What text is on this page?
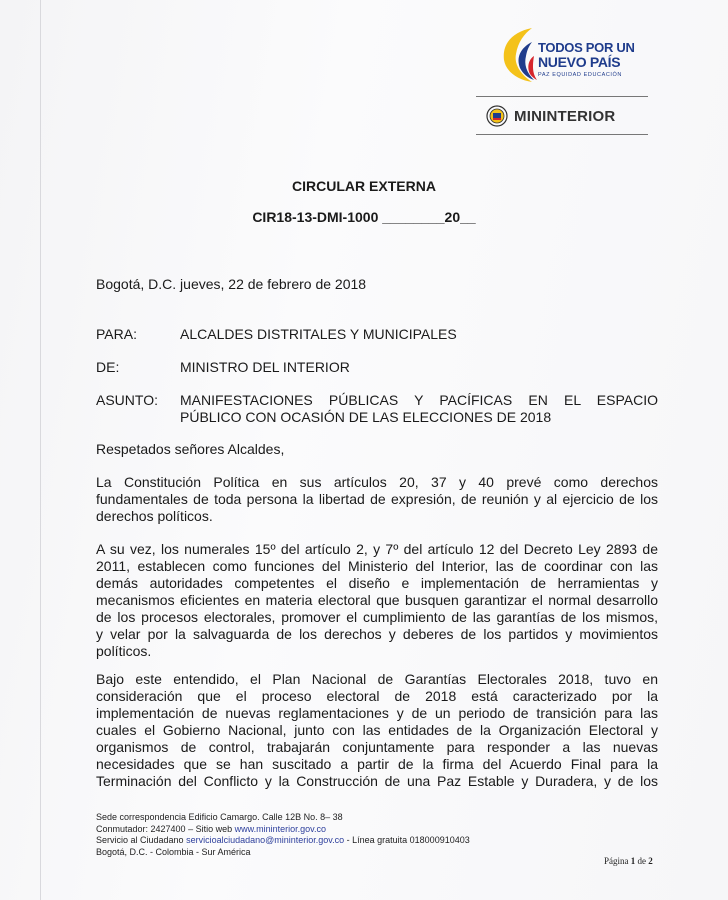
TODOS POR UN
NUEVO PAÍS
PAZ EQUIDAD EDUCACIÓN
MININTERIOR
CIRCULAR EXTERNA
CIR18-13-DMI-1000 ________20__
Bogotá, D.C. jueves, 22 de febrero de 2018
PARA:	ALCALDES DISTRITALES Y MUNICIPALES
DE:	MINISTRO DEL INTERIOR
ASUNTO: MANIFESTACIONES PÚBLICAS Y PACÍFICAS EN EL ESPACIO
PÚBLICO CON OCASIÓN DE LAS ELECCIONES DE 2018
Respetados señores Alcaldes,
La Constitución Política en sus artículos 20, 37 y 40 prevé como derechos
fundamentales de toda persona la libertad de expresión, de reunión y al ejercicio de los
derechos políticos.
A su vez, los numerales 15º del artículo 2, y 7º del artículo 12 del Decreto Ley 2893 de
2011, establecen como funciones del Ministerio del Interior, las de coordinar con las
demás autoridades competentes el diseño e implementación de herramientas y
mecanismos eficientes en materia electoral que busquen garantizar el normal desarrollo
de los procesos electorales, promover el cumplimiento de las garantías de los mismos,
y velar por la salvaguarda de los derechos y deberes de los partidos y movimientos
políticos.
Bajo este entendido, el Plan Nacional de Garantías Electorales 2018, tuvo en
consideración que el proceso electoral de 2018 está caracterizado por la
implementación de nuevas reglamentaciones y de un periodo de transición para las
cuales el Gobierno Nacional, junto con las entidades de la Organización Electoral y
organismos de control, trabajarán conjuntamente para responder a las nuevas
necesidades que se han suscitado a partir de la firma del Acuerdo Final para la
Terminación del Conflicto y la Construcción de una Paz Estable y Duradera, y de los
Sede correspondencia Edificio Camargo. Calle 12B No. 8– 38
Conmutador: 2427400 – Sitio web www.mininterior.gov.co
Servicio al Ciudadano servicioalciudadano@mininterior.gov.co - Línea gratuita 018000910403
Bogotá, D.C. - Colombia - Sur América
Página 1 de 2
